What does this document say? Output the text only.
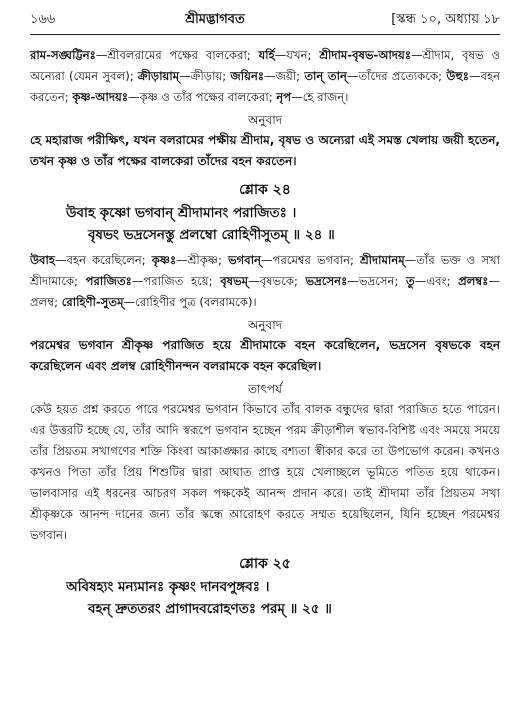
১৬৬	শ্রীমদ্ভাগবত	[স্কন্ধ ১০, অধ্যায় ১৮
রাম-সঙ্ঘট্টিনঃ—শ্রীবলরামের পক্ষের বালকেরা; যর্হি—যখন; শ্রীদাম-বৃষভ-আদয়ঃ—শ্রীদাম, বৃষভ ও অন্যেরা (যেমন সুবল); ক্রীড়ায়াম্—ক্রীড়ায়; জয়িনঃ—জয়ী; তান্ তান্—তাঁদের প্রত্যেককে; উহুঃ—বহন করতেন; কৃষ্ণ-আদয়ঃ—কৃষ্ণ ও তাঁর পক্ষের বালকেরা; নৃপ—হে রাজন্।
অনুবাদ
হে মহারাজ পরীক্ষিৎ, যখন বলরামের পক্ষীয় শ্রীদাম, বৃষভ ও অন্যেরা এই সমস্ত খেলায় জয়ী হতেন, তখন কৃষ্ণ ও তাঁর পক্ষের বালকেরা তাঁদের বহন করতেন।
শ্লোক ২৪
উবাহ কৃষ্ণো ভগবান্ শ্রীদামানং পরাজিতঃ ।
বৃষভং ভদ্রসেনস্তু প্রলম্বো রোহিণীসুতম্ ॥ ২৪ ॥
উবাহ—বহন করেছিলেন; কৃষ্ণঃ—শ্রীকৃষ্ণ; ভগবান্—পরমেশ্বর ভগবান; শ্রীদামানম্—তাঁর ভক্ত ও সখা শ্রীদামাকে; পরাজিতঃ—পরাজিত হয়ে; বৃষভম্—বৃষভকে; ভদ্রসেনঃ—ভদ্রসেন; তু—এবং; প্রলম্বঃ—প্রলম্ব; রোহিণী-সুতম্—রোহিণীর পুত্র (বলরামকে)।
অনুবাদ
পরমেশ্বর ভগবান শ্রীকৃষ্ণ পরাজিত হয়ে শ্রীদামাকে বহন করেছিলেন, ভদ্রসেন বৃষভকে বহন করেছিলেন এবং প্রলম্ব রোহিণীনন্দন বলরামকে বহন করেছিল।
তাৎপর্য
কেউ হয়ত প্রশ্ন করতে পারে পরমেশ্বর ভগবান কিভাবে তাঁর বালক বন্ধুদের দ্বারা পরাজিত হতে পারেন। এর উত্তরটি হচ্ছে যে, তাঁর আদি স্বরূপে ভগবান হচ্ছেন পরম ক্রীড়াশীল স্বভাব-বিশিষ্ট এবং সময়ে সময়ে তাঁর প্রিয়তম সখাগণের শক্তি কিংবা আকাঙ্ক্ষার কাছে বশ্যতা স্বীকার করে তা উপভোগ করেন। কখনও কখনও পিতা তাঁর প্রিয় শিশুটির দ্বারা আঘাত প্রাপ্ত হয়ে খেলাচ্ছলে ভূমিতে পতিত হয়ে থাকেন। ভালবাসার এই ধরনের আচরণ সকল পক্ষকেই আনন্দ প্রদান করে। তাই শ্রীদামা তাঁর প্রিয়তম সখা শ্রীকৃষ্ণকে আনন্দ দানের জন্য তাঁর স্কন্ধে আরোহণ করতে সম্মত হয়েছিলেন, যিনি হচ্ছেন পরমেশ্বর ভগবান।
শ্লোক ২৫
অবিষহ্যং মন্যমানঃ কৃষ্ণং দানবপুঙ্গবঃ ।
বহন্ দ্রুততরং প্রাগাদবরোহণতঃ পরম্ ॥ ২৫ ॥
